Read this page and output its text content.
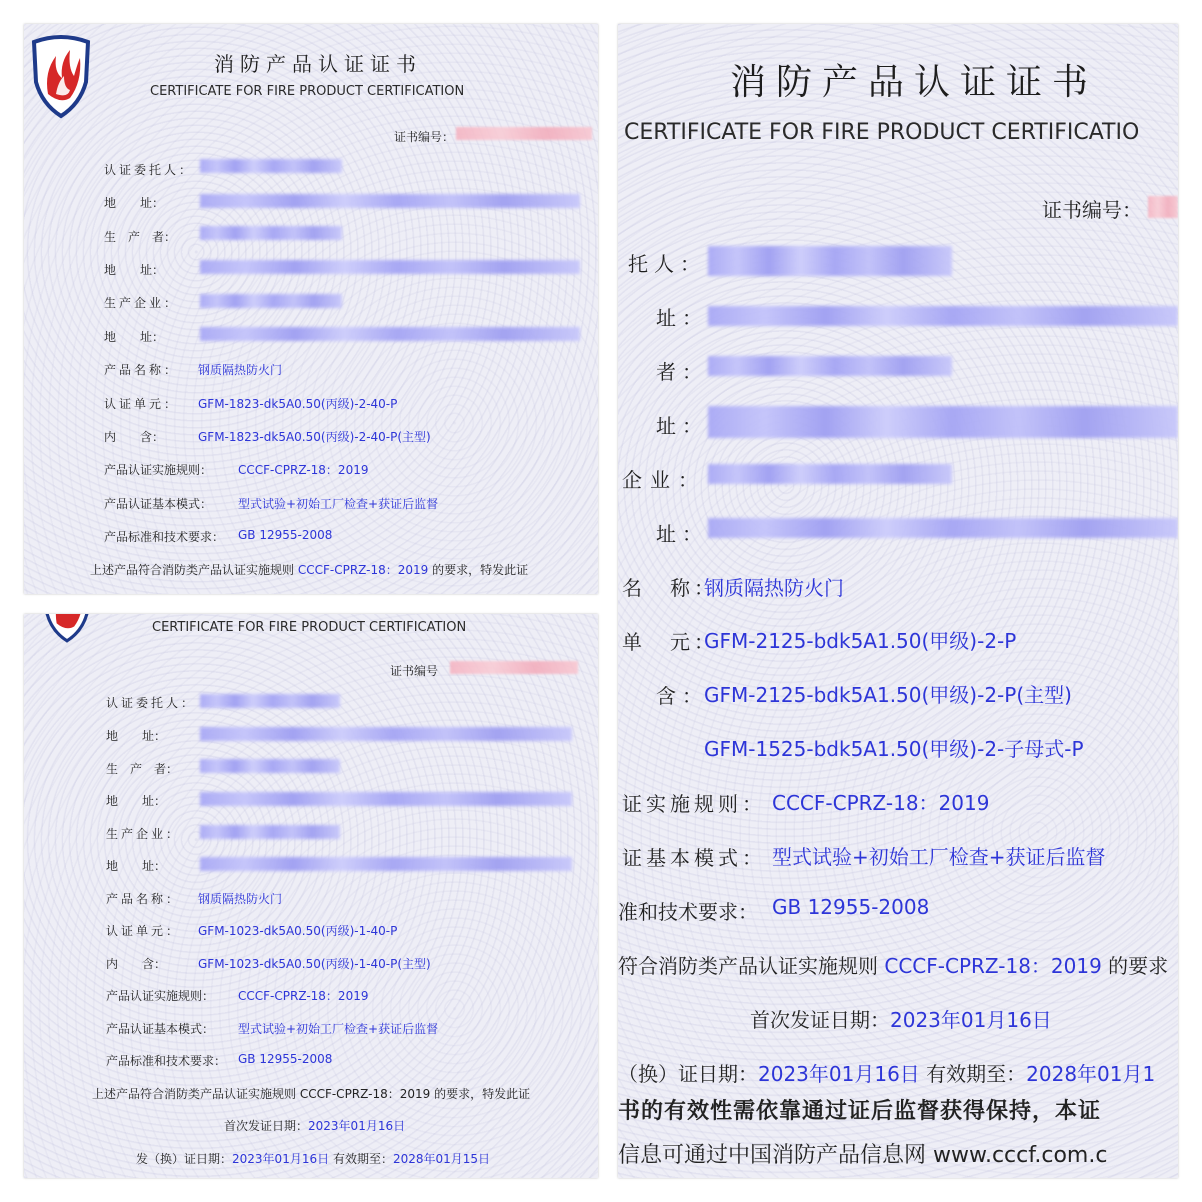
消防产品认证证书
CERTIFICATE FOR FIRE PRODUCT CERTIFICATION
证书编号：
认证委托人：
地　　址：
生　产　者：
地　　址：
生产企业：
地　　址：
产品名称： 钢质隔热防火门
认证单元： GFM-1823-dk5A0.50(丙级)-2-40-P
内　　含：	GFM-1823-dk5A0.50(丙级)-2-40-P(主型)
产品认证实施规则： CCCF-CPRZ-18：2019
产品认证基本模式： 型式试验+初始工厂检查+获证后监督
产品标准和技术要求： GB 12955-2008
上述产品符合消防类产品认证实施规则 CCCF-CPRZ-18：2019 的要求，特发此证
CERTIFICATE FOR FIRE PRODUCT CERTIFICATION
证书编号
认证委托人：
地　　址：
生　产　者：
地　　址：
生产企业：
地　　址：
产品名称： 钢质隔热防火门
认证单元： GFM-1023-dk5A0.50(丙级)-1-40-P
内　　含：	GFM-1023-dk5A0.50(丙级)-1-40-P(主型)
产品认证实施规则： CCCF-CPRZ-18：2019
产品认证基本模式： 型式试验+初始工厂检查+获证后监督
产品标准和技术要求： GB 12955-2008
上述产品符合消防类产品认证实施规则 CCCF-CPRZ-18：2019 的要求，特发此证
首次发证日期：2023年01月16日
发（换）证日期：2023年01月16日 有效期至：2028年01月15日
消防产品认证证书
CERTIFICATE FOR FIRE PRODUCT CERTIFICATIO
证书编号：
托人：
址：
者：
址：
企业：
址：
名　称：
钢质隔热防火门
单　元：
GFM-2125-bdk5A1.50(甲级)-2-P
含：
GFM-2125-bdk5A1.50(甲级)-2-P(主型)
GFM-1525-bdk5A1.50(甲级)-2-子母式-P
证实施规则： CCCF-CPRZ-18：2019
证基本模式： 型式试验+初始工厂检查+获证后监督
准和技术要求： GB 12955-2008
符合消防类产品认证实施规则 CCCF-CPRZ-18：2019 的要求
首次发证日期：2023年01月16日
（换）证日期：2023年01月16日 有效期至：2028年01月1
书的有效性需依靠通过证后监督获得保持，本证
信息可通过中国消防产品信息网 www.cccf.com.c
